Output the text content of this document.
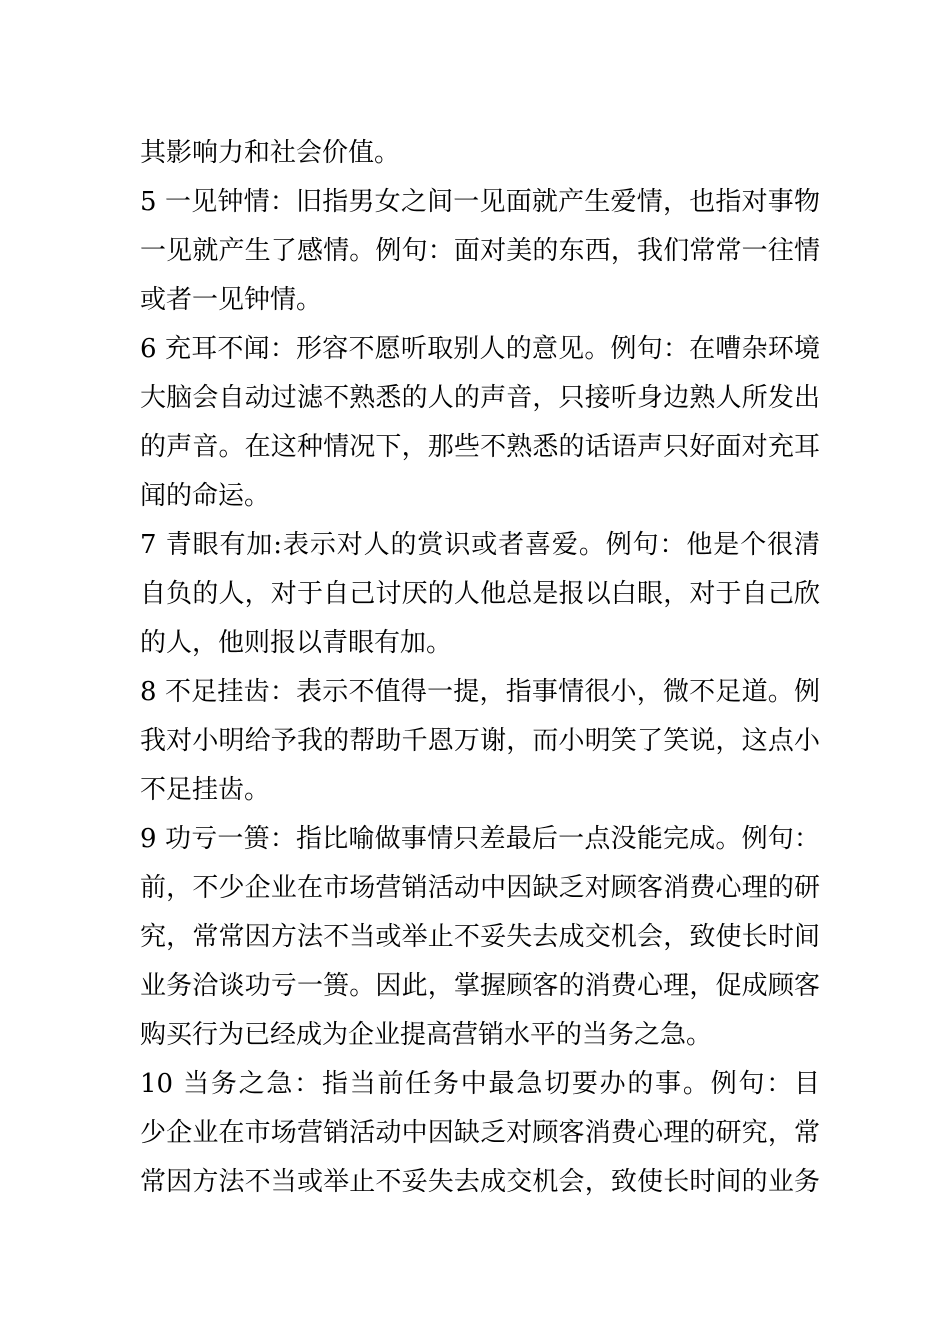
其影响力和社会价值。
5 一见钟情：旧指男女之间一见面就产生爱情，也指对事物
一见就产生了感情。例句：面对美的东西，我们常常一往情
或者一见钟情。
6 充耳不闻：形容不愿听取别人的意见。例句：在嘈杂环境
大脑会自动过滤不熟悉的人的声音，只接听身边熟人所发出
的声音。在这种情况下，那些不熟悉的话语声只好面对充耳
闻的命运。
7 青眼有加:表示对人的赏识或者喜爱。例句：他是个很清
自负的人，对于自己讨厌的人他总是报以白眼，对于自己欣
的人，他则报以青眼有加。
8 不足挂齿：表示不值得一提，指事情很小，微不足道。例
我对小明给予我的帮助千恩万谢，而小明笑了笑说，这点小
不足挂齿。
9 功亏一篑：指比喻做事情只差最后一点没能完成。例句：
前，不少企业在市场营销活动中因缺乏对顾客消费心理的研
究，常常因方法不当或举止不妥失去成交机会，致使长时间
业务洽谈功亏一篑。因此，掌握顾客的消费心理，促成顾客
购买行为已经成为企业提高营销水平的当务之急。
10 当务之急：指当前任务中最急切要办的事。例句：目
少企业在市场营销活动中因缺乏对顾客消费心理的研究，常
常因方法不当或举止不妥失去成交机会，致使长时间的业务
